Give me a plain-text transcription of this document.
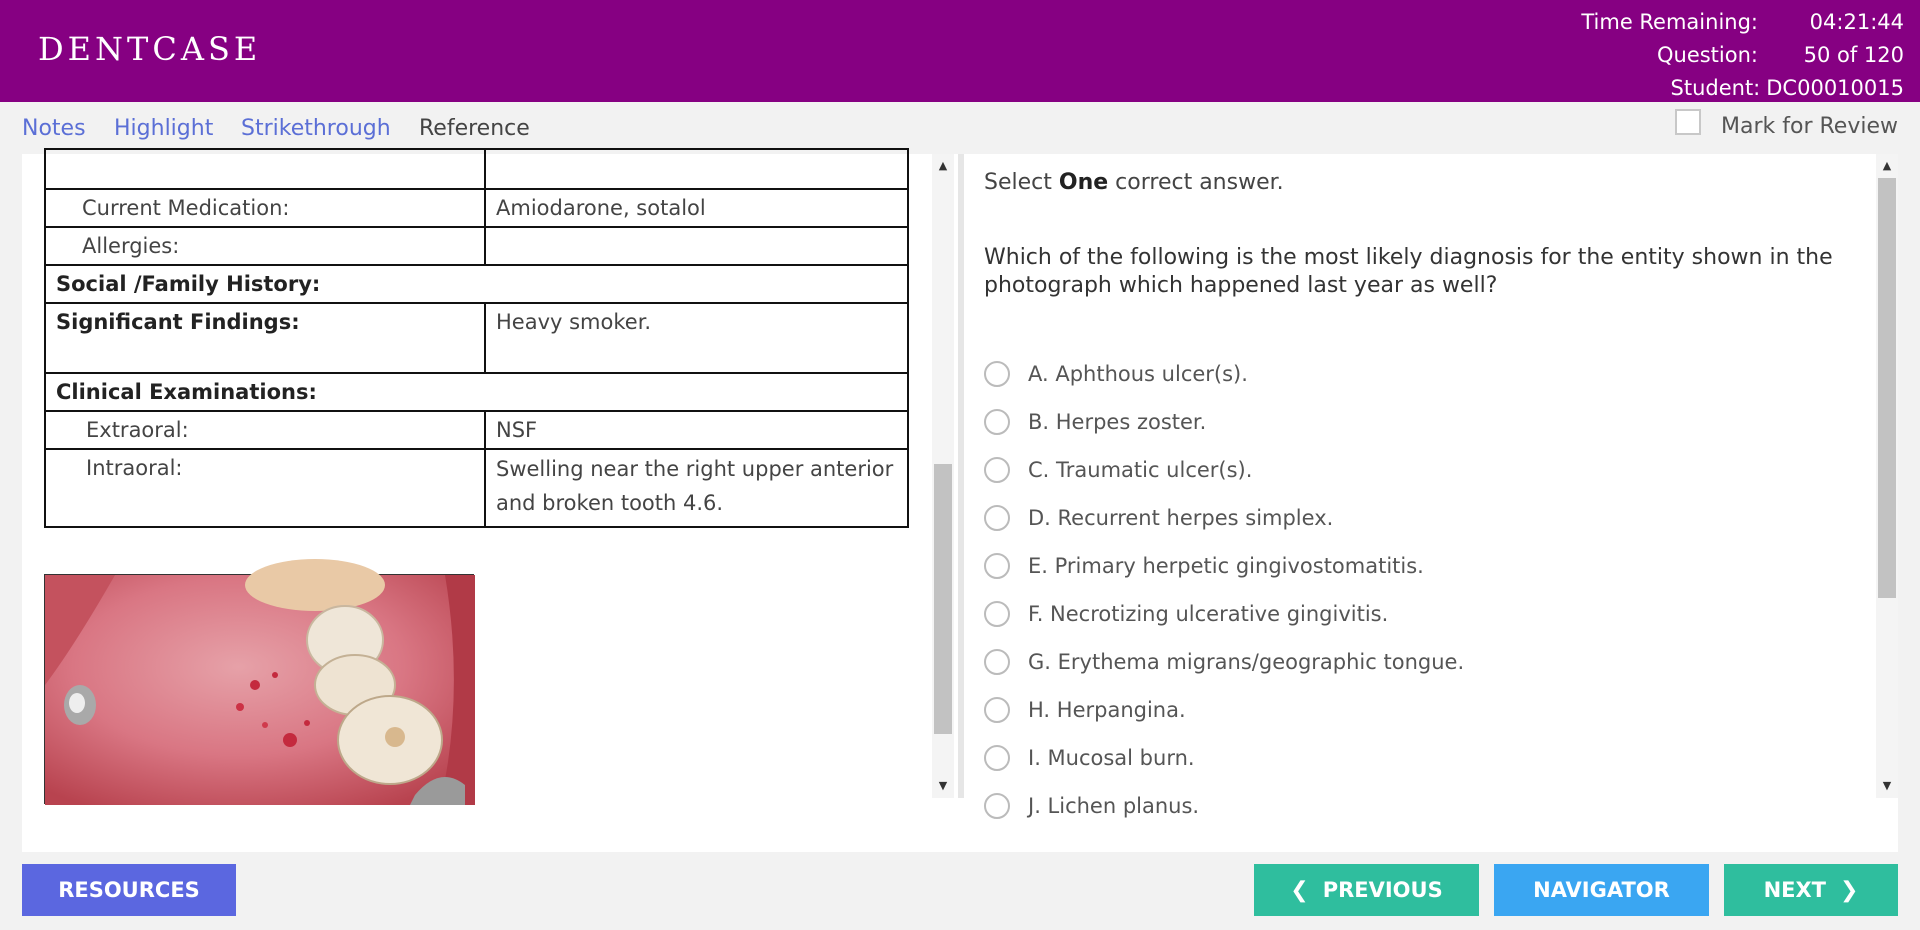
DENTCASE
Time Remaining:	04:21:44
Question:	50 of 120
Student: DC00010015
Notes Highlight Strikethrough Reference	Mark for Review

Current Medication:	Amiodarone, sotalol
Allergies:	
Social /Family History:	
Significant Findings:	Heavy smoker.
Clinical Examinations:	
Extraoral:	NSF
Intraoral:	Swelling near the right upper anterior and broken tooth 4.6.
▲
▼
Select One correct answer.
Which of the following is the most likely diagnosis for the entity shown in the photograph which happened last year as well?
A. Aphthous ulcer(s).
B. Herpes zoster.
C. Traumatic ulcer(s).
D. Recurrent herpes simplex.
E. Primary herpetic gingivostomatitis.
F. Necrotizing ulcerative gingivitis.
G. Erythema migrans/geographic tongue.
H. Herpangina.
I. Mucosal burn.
J. Lichen planus.
▲
▼
RESOURCES	❮ PREVIOUS	NAVIGATOR	NEXT ❯
